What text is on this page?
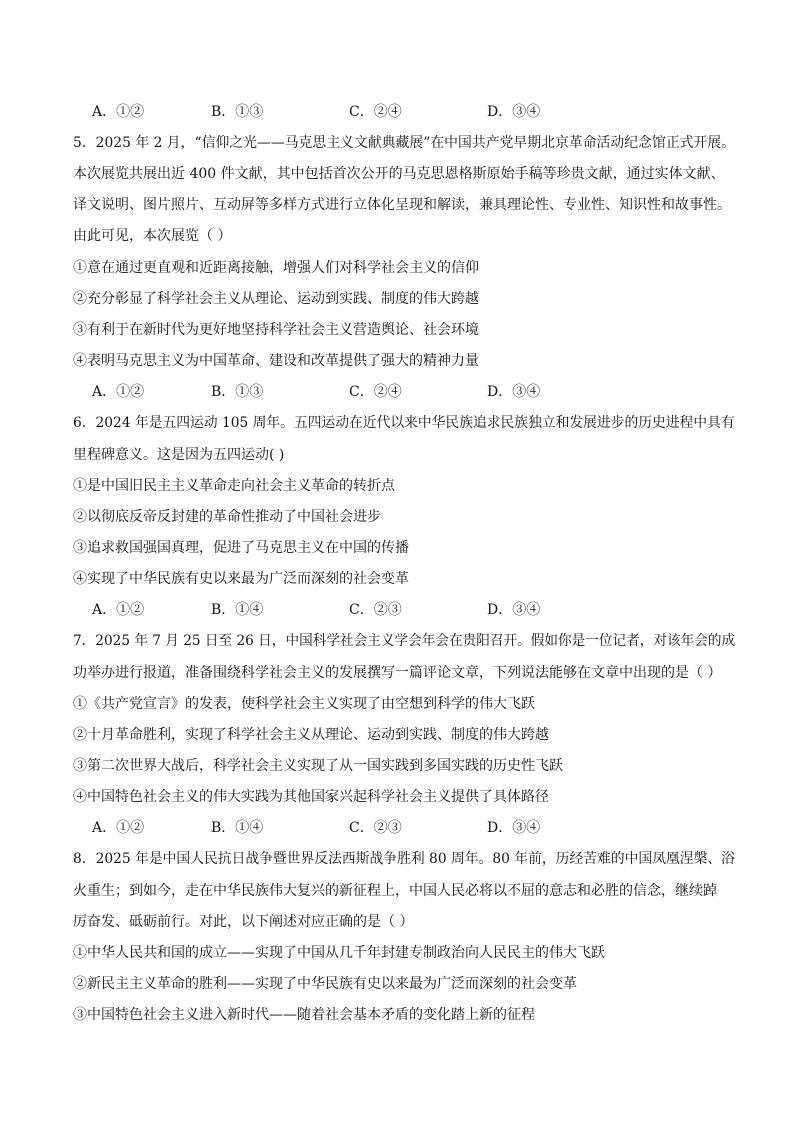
A．①②	B．①③	C．②④	D．③④
5．2025 年 2 月，“信仰之光——马克思主义文献典藏展”在中国共产党早期北京革命活动纪念馆正式开展。
本次展览共展出近 400 件文献，其中包括首次公开的马克思恩格斯原始手稿等珍贵文献，通过实体文献、
译文说明、图片照片、互动屏等多样方式进行立体化呈现和解读，兼具理论性、专业性、知识性和故事性。
由此可见，本次展览（ ）
①意在通过更直观和近距离接触，增强人们对科学社会主义的信仰
②充分彰显了科学社会主义从理论、运动到实践、制度的伟大跨越
③有利于在新时代为更好地坚持科学社会主义营造舆论、社会环境
④表明马克思主义为中国革命、建设和改革提供了强大的精神力量
A．①②	B．①③	C．②④	D．③④
6．2024 年是五四运动 105 周年。五四运动在近代以来中华民族追求民族独立和发展进步的历史进程中具有
里程碑意义。这是因为五四运动( )
①是中国旧民主主义革命走向社会主义革命的转折点
②以彻底反帝反封建的革命性推动了中国社会进步
③追求救国强国真理，促进了马克思主义在中国的传播
④实现了中华民族有史以来最为广泛而深刻的社会变革
A．①②	B．①④	C．②③	D．③④
7．2025 年 7 月 25 日至 26 日，中国科学社会主义学会年会在贵阳召开。假如你是一位记者，对该年会的成
功举办进行报道，准备围绕科学社会主义的发展撰写一篇评论文章，下列说法能够在文章中出现的是（ ）
①《共产党宣言》的发表，使科学社会主义实现了由空想到科学的伟大飞跃
②十月革命胜利，实现了科学社会主义从理论、运动到实践、制度的伟大跨越
③第二次世界大战后，科学社会主义实现了从一国实践到多国实践的历史性飞跃
④中国特色社会主义的伟大实践为其他国家兴起科学社会主义提供了具体路径
A．①②	B．①④	C．②③	D．③④
8．2025 年是中国人民抗日战争暨世界反法西斯战争胜利 80 周年。80 年前，历经苦难的中国凤凰涅槃、浴
火重生；到如今，走在中华民族伟大复兴的新征程上，中国人民必将以不屈的意志和必胜的信念，继续踔
厉奋发、砥砺前行。对此，以下阐述对应正确的是（ ）
①中华人民共和国的成立——实现了中国从几千年封建专制政治向人民民主的伟大飞跃
②新民主主义革命的胜利——实现了中华民族有史以来最为广泛而深刻的社会变革
③中国特色社会主义进入新时代——随着社会基本矛盾的变化踏上新的征程
